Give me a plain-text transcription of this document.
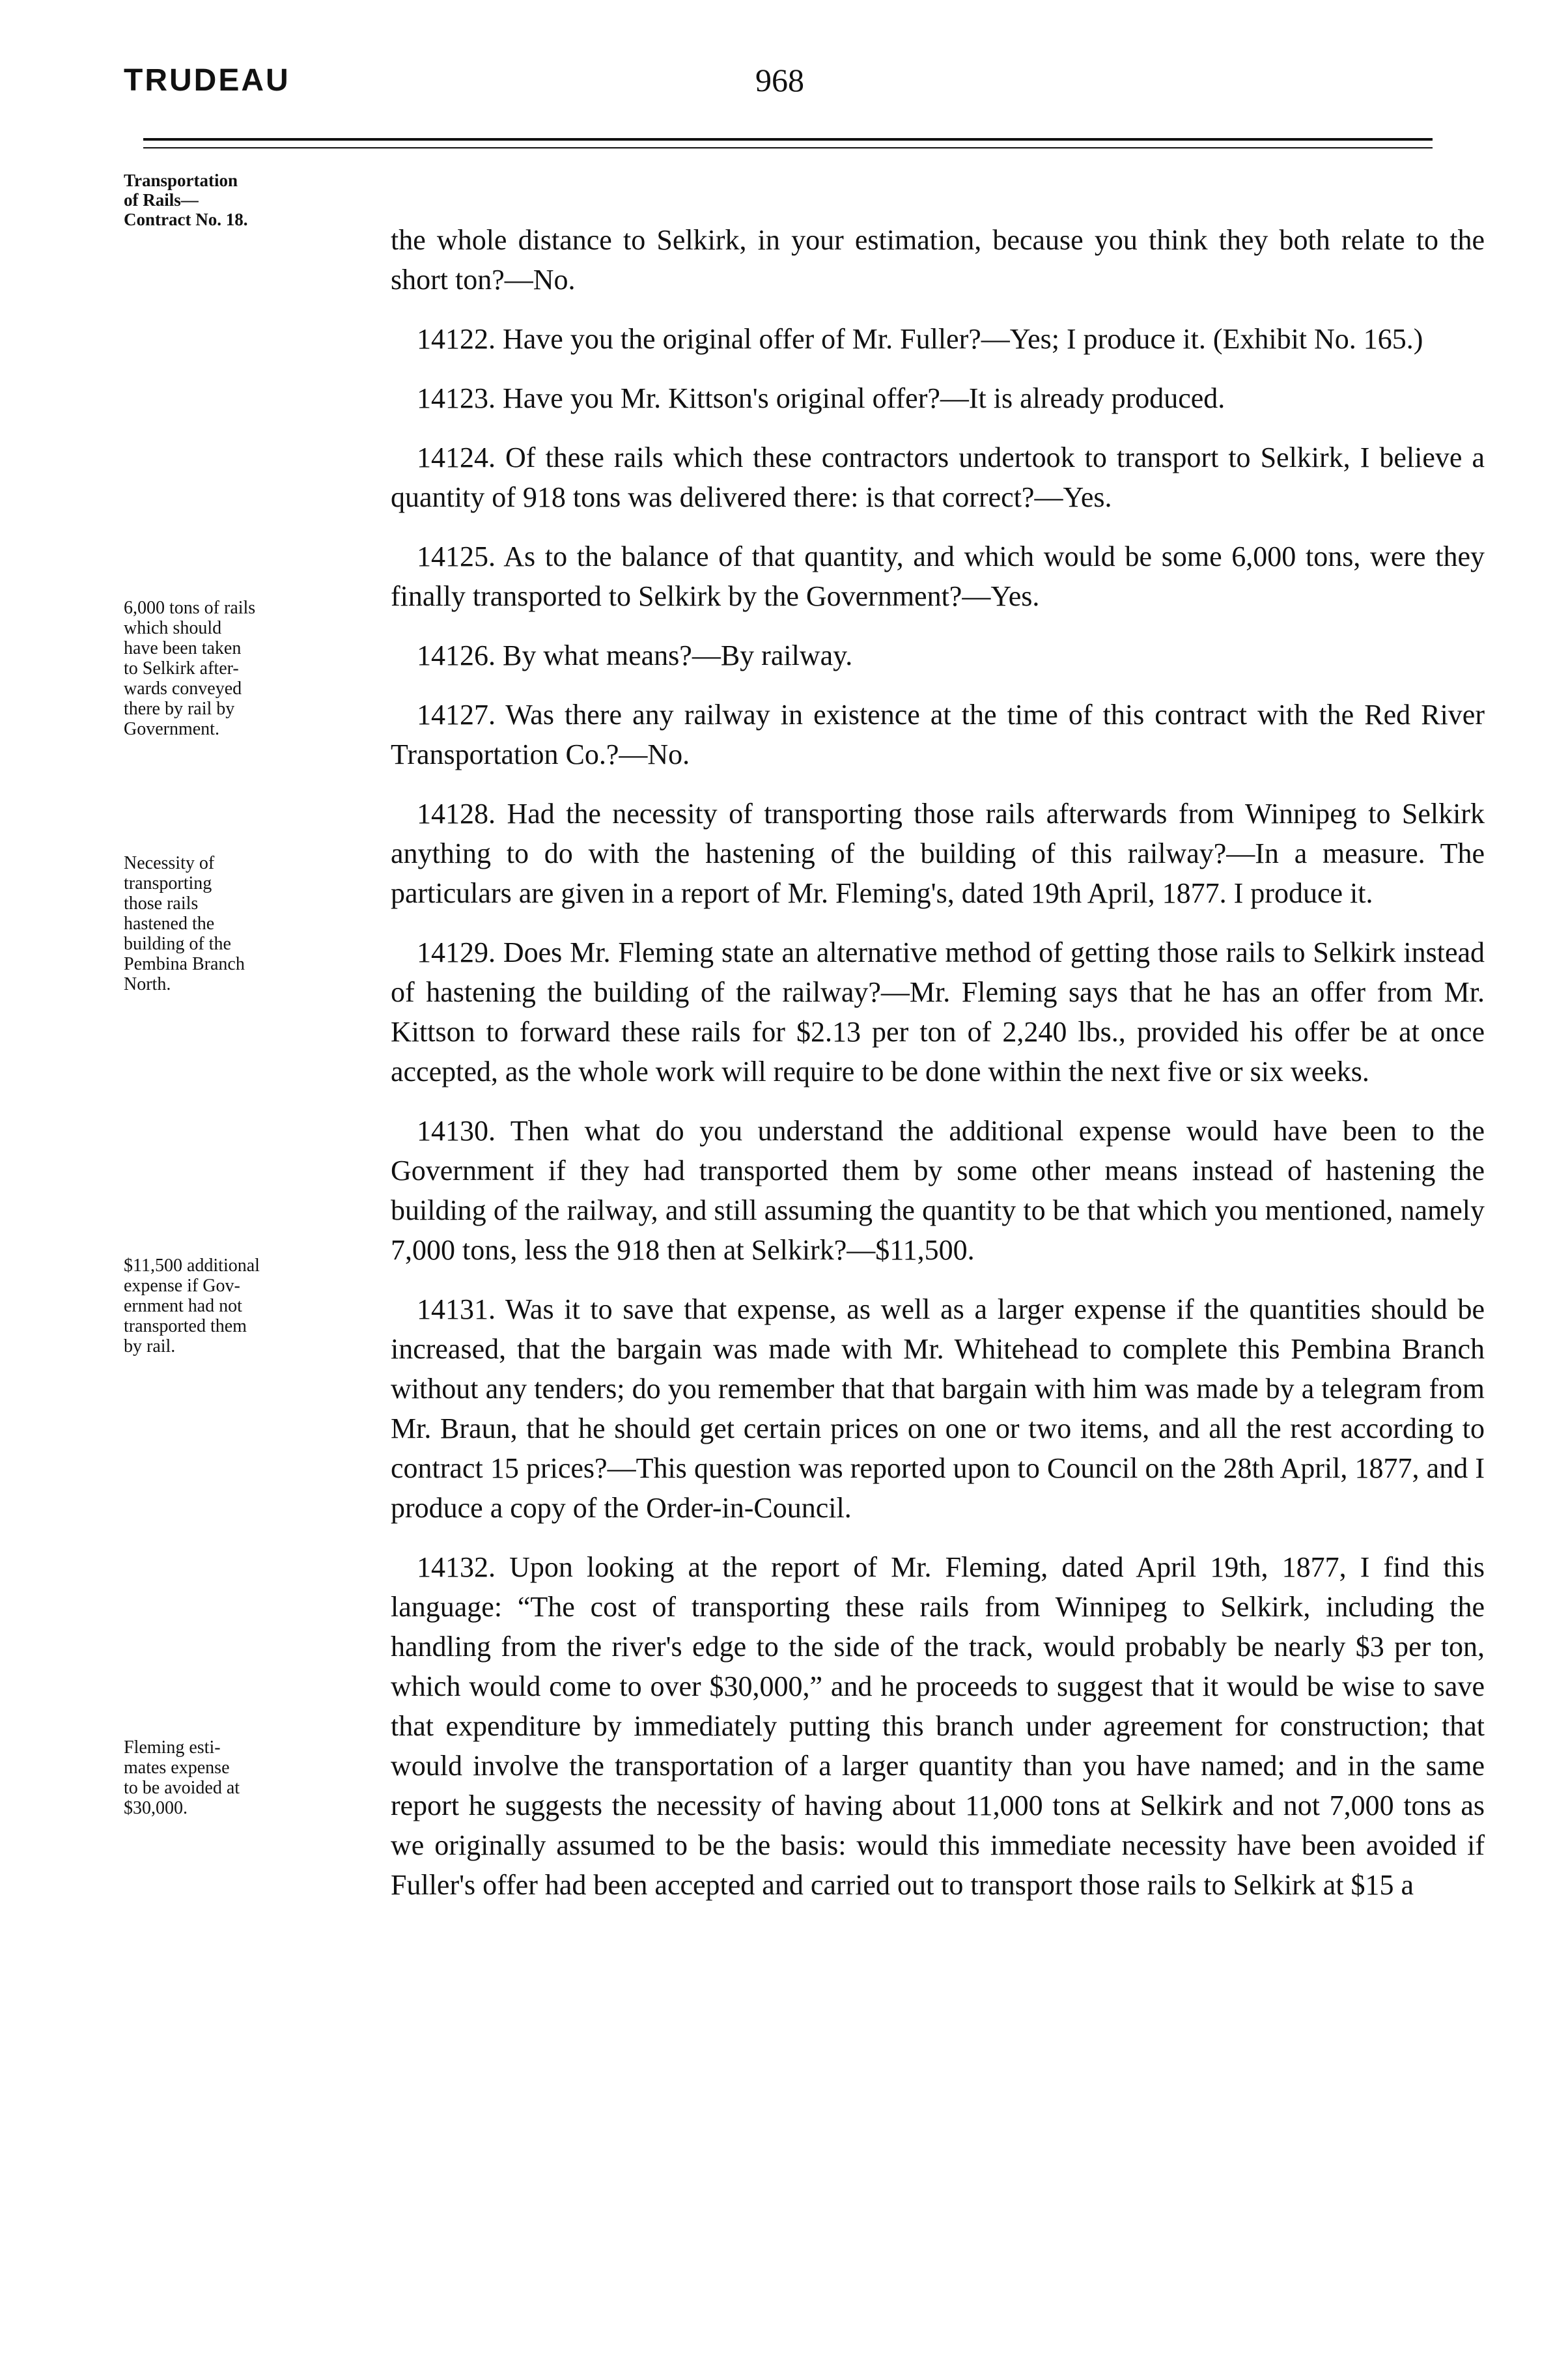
TRUDEAU	968
Transportation
of Rails—
Contract No. 18.
6,000 tons of rails
which should
have been taken
to Selkirk after-
wards conveyed
there by rail by
Government.
Necessity of
transporting
those rails
hastened the
building of the
Pembina Branch
North.
$11,500 additional
expense if Gov-
ernment had not
transported them
by rail.
Fleming esti-
mates expense
to be avoided at
$30,000.

the whole distance to Selkirk, in your estimation, because you think they both relate to the short ton?—No.

14122. Have you the original offer of Mr. Fuller?—Yes; I produce it. (Exhibit No. 165.)

14123. Have you Mr. Kittson's original offer?—It is already produced.

14124. Of these rails which these contractors undertook to transport to Selkirk, I believe a quantity of 918 tons was delivered there: is that correct?—Yes.

14125. As to the balance of that quantity, and which would be some 6,000 tons, were they finally transported to Selkirk by the Government?—Yes.

14126. By what means?—By railway.

14127. Was there any railway in existence at the time of this contract with the Red River Transportation Co.?—No.

14128. Had the necessity of transporting those rails afterwards from Winnipeg to Selkirk anything to do with the hastening of the building of this railway?—In a measure. The particulars are given in a report of Mr. Fleming's, dated 19th April, 1877. I produce it.

14129. Does Mr. Fleming state an alternative method of getting those rails to Selkirk instead of hastening the building of the railway?—Mr. Fleming says that he has an offer from Mr. Kittson to forward these rails for $2.13 per ton of 2,240 lbs., provided his offer be at once accepted, as the whole work will require to be done within the next five or six weeks.

14130. Then what do you understand the additional expense would have been to the Government if they had transported them by some other means instead of hastening the building of the railway, and still assuming the quantity to be that which you mentioned, namely 7,000 tons, less the 918 then at Selkirk?—$11,500.

14131. Was it to save that expense, as well as a larger expense if the quantities should be increased, that the bargain was made with Mr. Whitehead to complete this Pembina Branch without any tenders; do you remember that that bargain with him was made by a telegram from Mr. Braun, that he should get certain prices on one or two items, and all the rest according to contract 15 prices?—This question was reported upon to Council on the 28th April, 1877, and I produce a copy of the Order-in-Council.

14132. Upon looking at the report of Mr. Fleming, dated April 19th, 1877, I find this language: “The cost of transporting these rails from Winnipeg to Selkirk, including the handling from the river's edge to the side of the track, would probably be nearly $3 per ton, which would come to over $30,000,” and he proceeds to suggest that it would be wise to save that expenditure by immediately putting this branch under agreement for construction; that would involve the transportation of a larger quantity than you have named; and in the same report he suggests the necessity of having about 11,000 tons at Selkirk and not 7,000 tons as we originally assumed to be the basis: would this immediate necessity have been avoided if Fuller's offer had been accepted and carried out to transport those rails to Selkirk at $15 a
